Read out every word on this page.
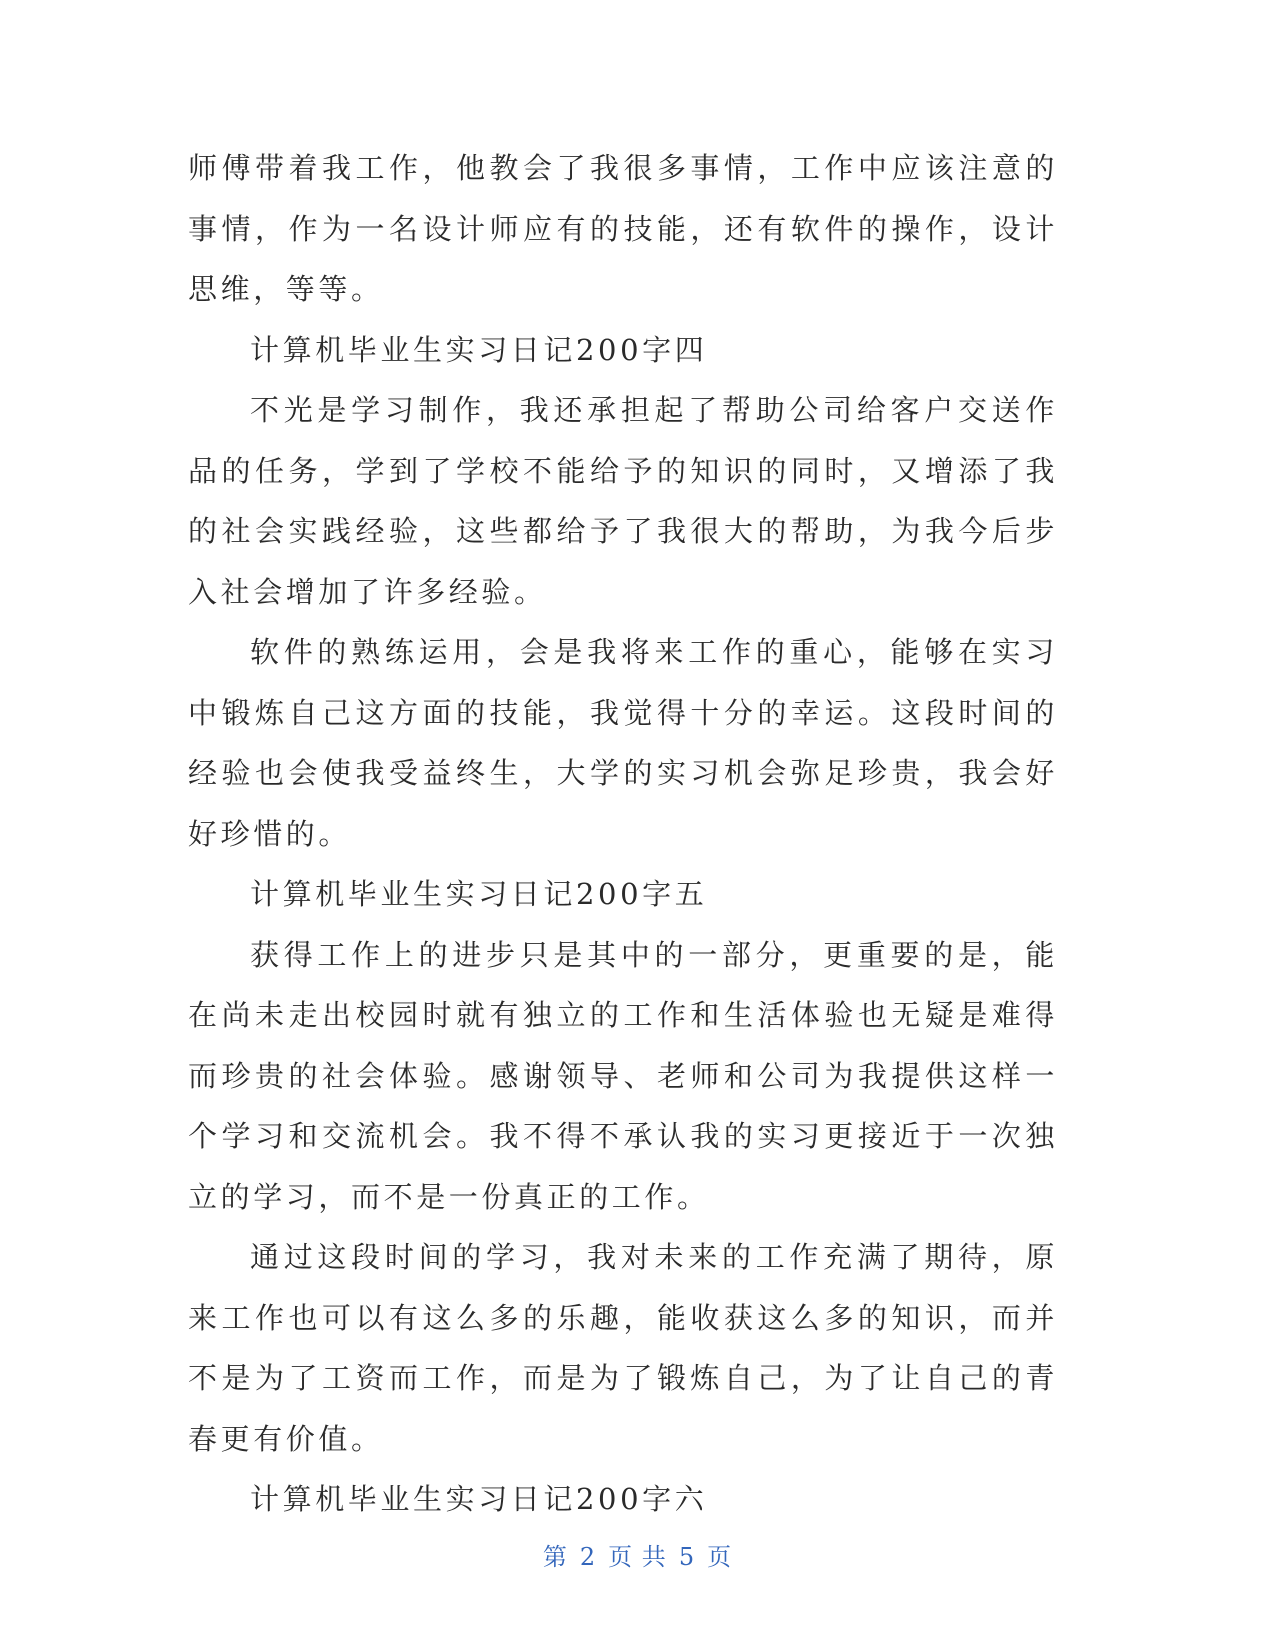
师傅带着我工作，他教会了我很多事情，工作中应该注意的事情，作为一名设计师应有的技能，还有软件的操作，设计思维，等等。

计算机毕业生实习日记200字四

不光是学习制作，我还承担起了帮助公司给客户交送作品的任务，学到了学校不能给予的知识的同时，又增添了我的社会实践经验，这些都给予了我很大的帮助，为我今后步入社会增加了许多经验。

软件的熟练运用，会是我将来工作的重心，能够在实习中锻炼自己这方面的技能，我觉得十分的幸运。这段时间的经验也会使我受益终生，大学的实习机会弥足珍贵，我会好好珍惜的。

计算机毕业生实习日记200字五

获得工作上的进步只是其中的一部分，更重要的是，能在尚未走出校园时就有独立的工作和生活体验也无疑是难得而珍贵的社会体验。感谢领导、老师和公司为我提供这样一个学习和交流机会。我不得不承认我的实习更接近于一次独立的学习，而不是一份真正的工作。

通过这段时间的学习，我对未来的工作充满了期待，原来工作也可以有这么多的乐趣，能收获这么多的知识，而并不是为了工资而工作，而是为了锻炼自己，为了让自己的青春更有价值。

计算机毕业生实习日记200字六

第 2 页 共 5 页
